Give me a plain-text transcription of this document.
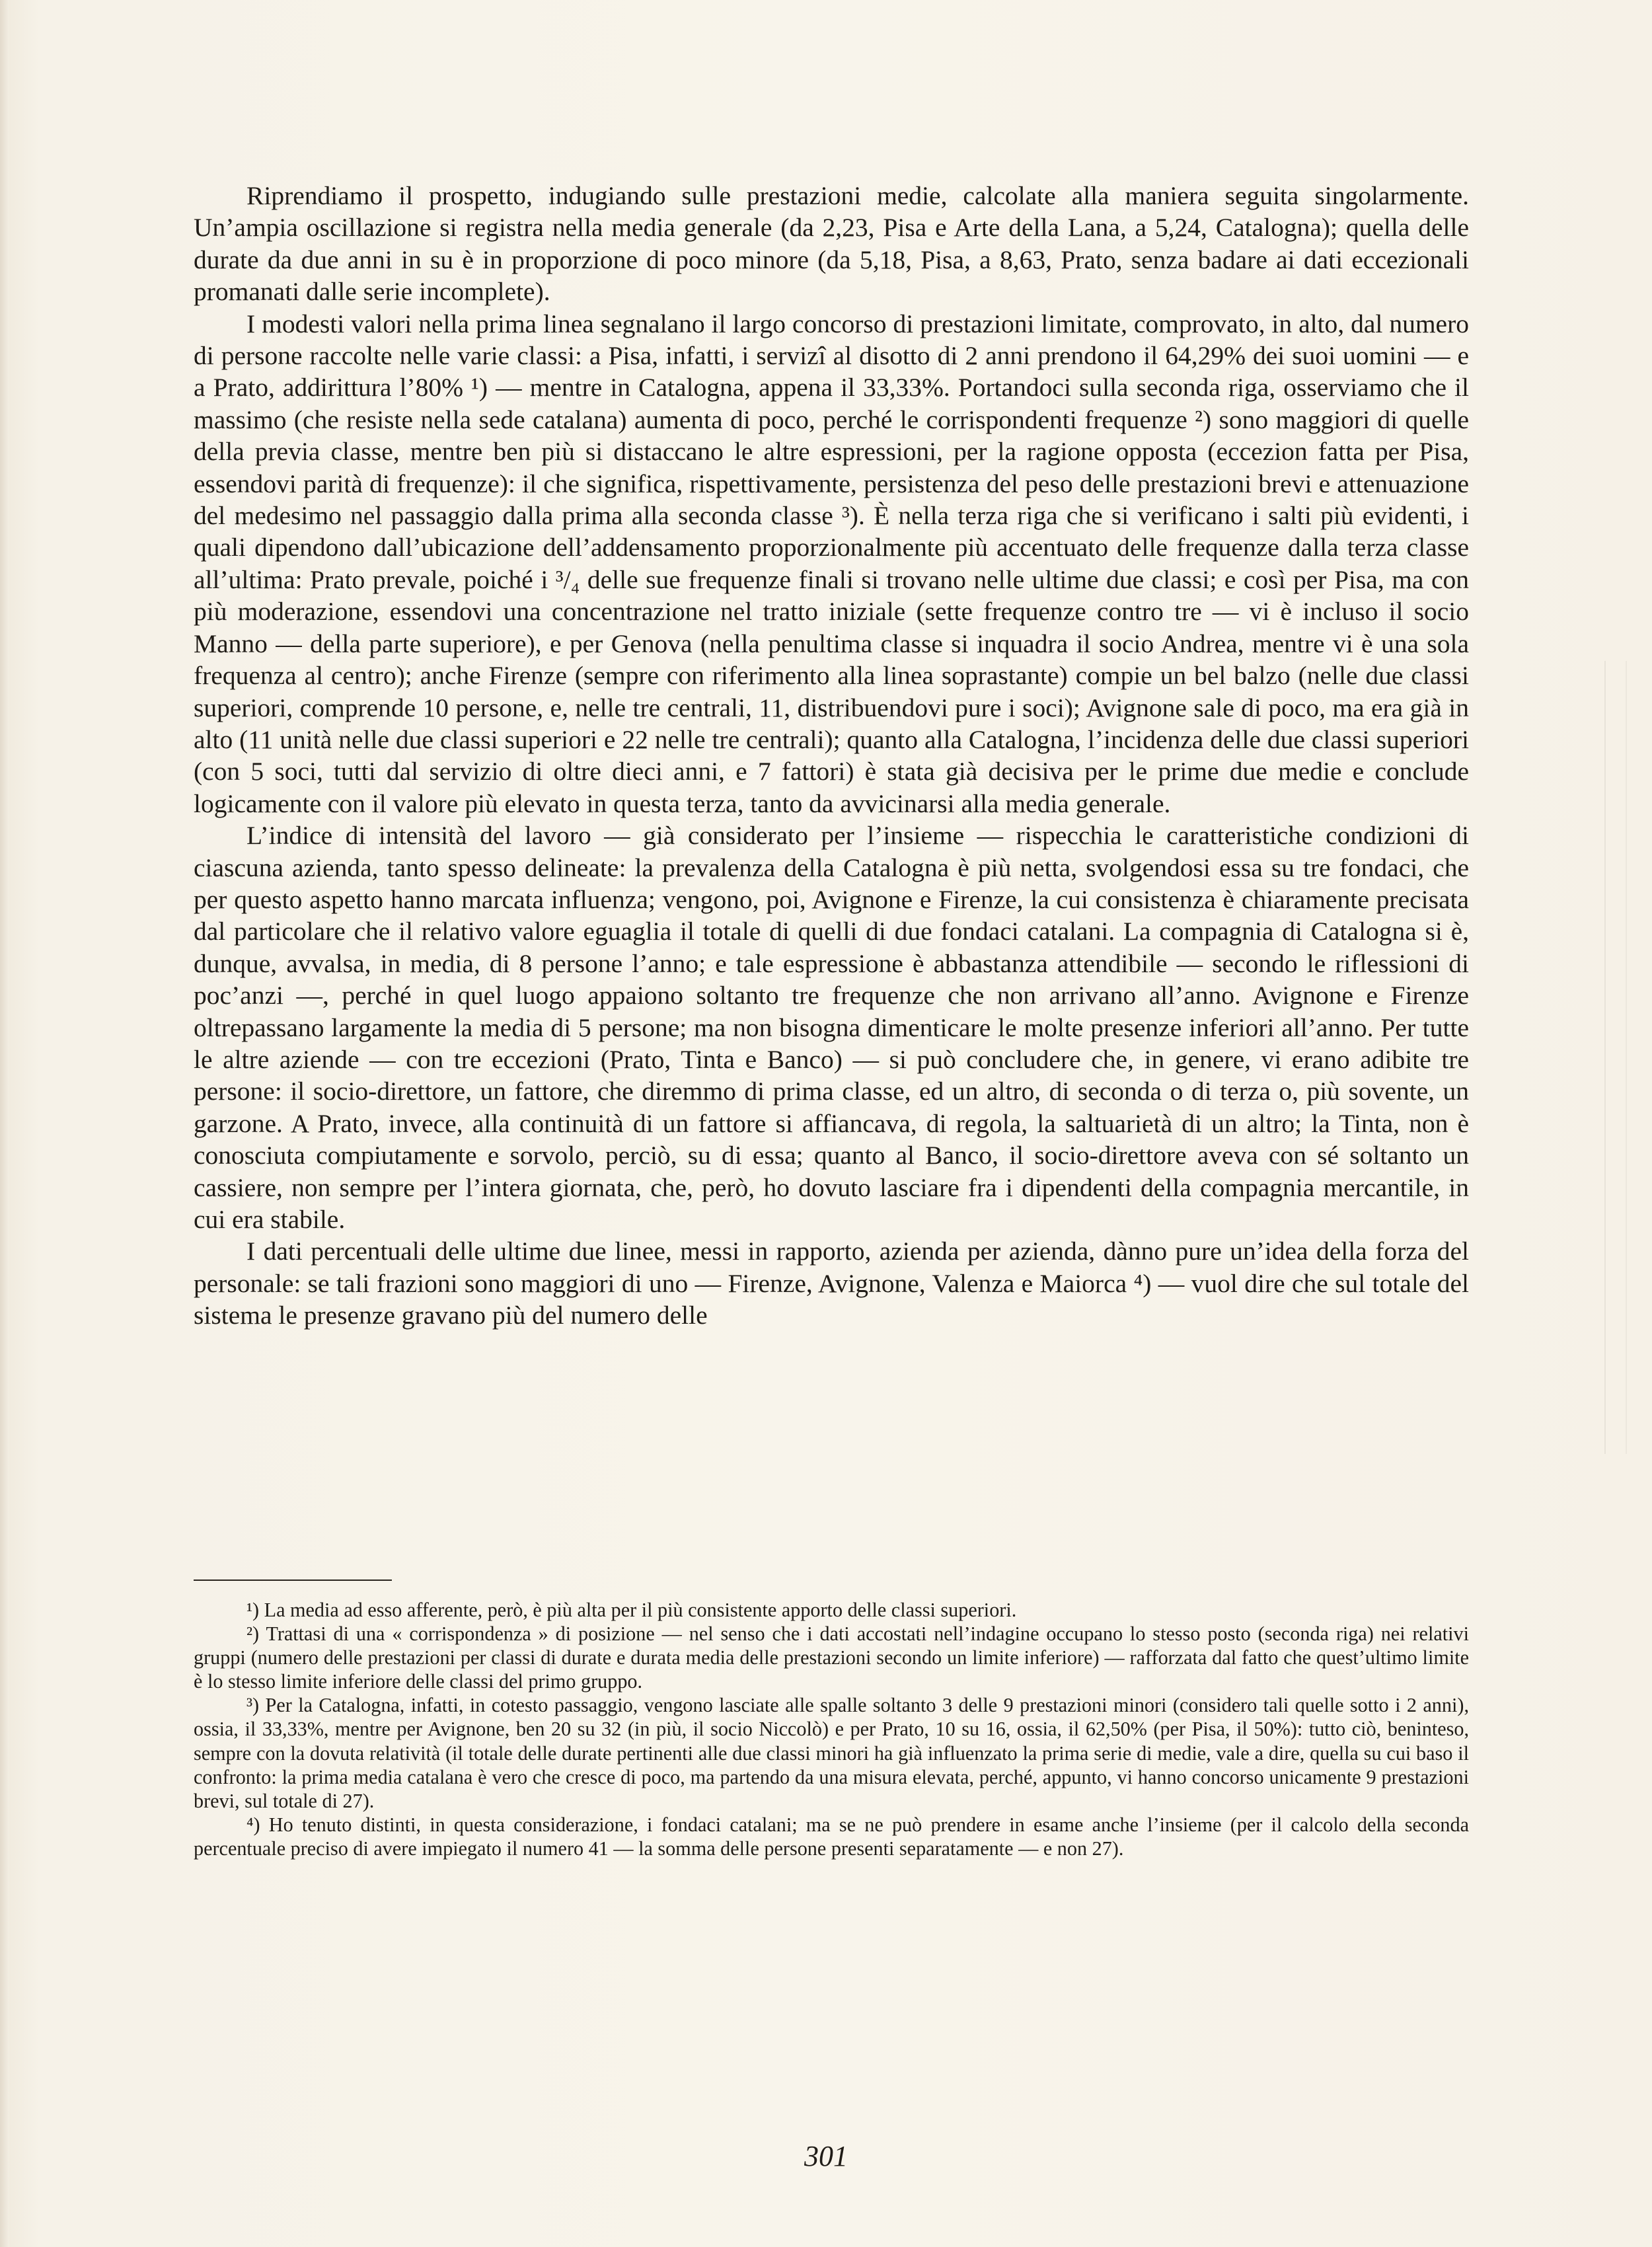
Riprendiamo il prospetto, indugiando sulle prestazioni medie, calcolate alla maniera seguita singolarmente. Un’ampia oscillazione si registra nella media generale (da 2,23, Pisa e Arte della Lana, a 5,24, Catalogna); quella delle durate da due anni in su è in proporzione di poco minore (da 5,18, Pisa, a 8,63, Prato, senza badare ai dati eccezionali promanati dalle serie incomplete).

I modesti valori nella prima linea segnalano il largo concorso di prestazioni limitate, comprovato, in alto, dal numero di persone raccolte nelle varie classi: a Pisa, infatti, i servizî al disotto di 2 anni prendono il 64,29% dei suoi uomini — e a Prato, addirittura l’80% ¹) — mentre in Catalogna, appena il 33,33%. Portandoci sulla seconda riga, osserviamo che il massimo (che resiste nella sede catalana) aumenta di poco, perché le corrispondenti frequenze ²) sono maggiori di quelle della previa classe, mentre ben più si distaccano le altre espressioni, per la ragione opposta (eccezion fatta per Pisa, essendovi parità di frequenze): il che significa, rispettivamente, persistenza del peso delle prestazioni brevi e attenuazione del medesimo nel passaggio dalla prima alla seconda classe ³). È nella terza riga che si verificano i salti più evidenti, i quali dipendono dall’ubicazione dell’addensamento proporzionalmente più accentuato delle frequenze dalla terza classe all’ultima: Prato prevale, poiché i ³/₄ delle sue frequenze finali si trovano nelle ultime due classi; e così per Pisa, ma con più moderazione, essendovi una concentrazione nel tratto iniziale (sette frequenze contro tre — vi è incluso il socio Manno — della parte superiore), e per Genova (nella penultima classe si inquadra il socio Andrea, mentre vi è una sola frequenza al centro); anche Firenze (sempre con riferimento alla linea soprastante) compie un bel balzo (nelle due classi superiori, comprende 10 persone, e, nelle tre centrali, 11, distribuendovi pure i soci); Avignone sale di poco, ma era già in alto (11 unità nelle due classi superiori e 22 nelle tre centrali); quanto alla Catalogna, l’incidenza delle due classi superiori (con 5 soci, tutti dal servizio di oltre dieci anni, e 7 fattori) è stata già decisiva per le prime due medie e conclude logicamente con il valore più elevato in questa terza, tanto da avvicinarsi alla media generale.

L’indice di intensità del lavoro — già considerato per l’insieme — rispecchia le caratteristiche condizioni di ciascuna azienda, tanto spesso delineate: la prevalenza della Catalogna è più netta, svolgendosi essa su tre fondaci, che per questo aspetto hanno marcata influenza; vengono, poi, Avignone e Firenze, la cui consistenza è chiaramente precisata dal particolare che il relativo valore eguaglia il totale di quelli di due fondaci catalani. La compagnia di Catalogna si è, dunque, avvalsa, in media, di 8 persone l’anno; e tale espressione è abbastanza attendibile — secondo le riflessioni di poc’anzi —, perché in quel luogo appaiono soltanto tre frequenze che non arrivano all’anno. Avignone e Firenze oltrepassano largamente la media di 5 persone; ma non bisogna dimenticare le molte presenze inferiori all’anno. Per tutte le altre aziende — con tre eccezioni (Prato, Tinta e Banco) — si può concludere che, in genere, vi erano adibite tre persone: il socio-direttore, un fattore, che diremmo di prima classe, ed un altro, di seconda o di terza o, più sovente, un garzone. A Prato, invece, alla continuità di un fattore si affiancava, di regola, la saltuarietà di un altro; la Tinta, non è conosciuta compiutamente e sorvolo, perciò, su di essa; quanto al Banco, il socio-direttore aveva con sé soltanto un cassiere, non sempre per l’intera giornata, che, però, ho dovuto lasciare fra i dipendenti della compagnia mercantile, in cui era stabile.

I dati percentuali delle ultime due linee, messi in rapporto, azienda per azienda, dànno pure un’idea della forza del personale: se tali frazioni sono maggiori di uno — Firenze, Avignone, Valenza e Maiorca ⁴) — vuol dire che sul totale del sistema le presenze gravano più del numero delle

¹) La media ad esso afferente, però, è più alta per il più consistente apporto delle classi superiori.

²) Trattasi di una « corrispondenza » di posizione — nel senso che i dati accostati nell’indagine occupano lo stesso posto (seconda riga) nei relativi gruppi (numero delle prestazioni per classi di durate e durata media delle prestazioni secondo un limite inferiore) — rafforzata dal fatto che quest’ultimo limite è lo stesso limite inferiore delle classi del primo gruppo.

³) Per la Catalogna, infatti, in cotesto passaggio, vengono lasciate alle spalle soltanto 3 delle 9 prestazioni minori (considero tali quelle sotto i 2 anni), ossia, il 33,33%, mentre per Avignone, ben 20 su 32 (in più, il socio Niccolò) e per Prato, 10 su 16, ossia, il 62,50% (per Pisa, il 50%): tutto ciò, beninteso, sempre con la dovuta relatività (il totale delle durate pertinenti alle due classi minori ha già influenzato la prima serie di medie, vale a dire, quella su cui baso il confronto: la prima media catalana è vero che cresce di poco, ma partendo da una misura elevata, perché, appunto, vi hanno concorso unicamente 9 prestazioni brevi, sul totale di 27).

⁴) Ho tenuto distinti, in questa considerazione, i fondaci catalani; ma se ne può prendere in esame anche l’insieme (per il calcolo della seconda percentuale preciso di avere impiegato il numero 41 — la somma delle persone presenti separatamente — e non 27).

301
